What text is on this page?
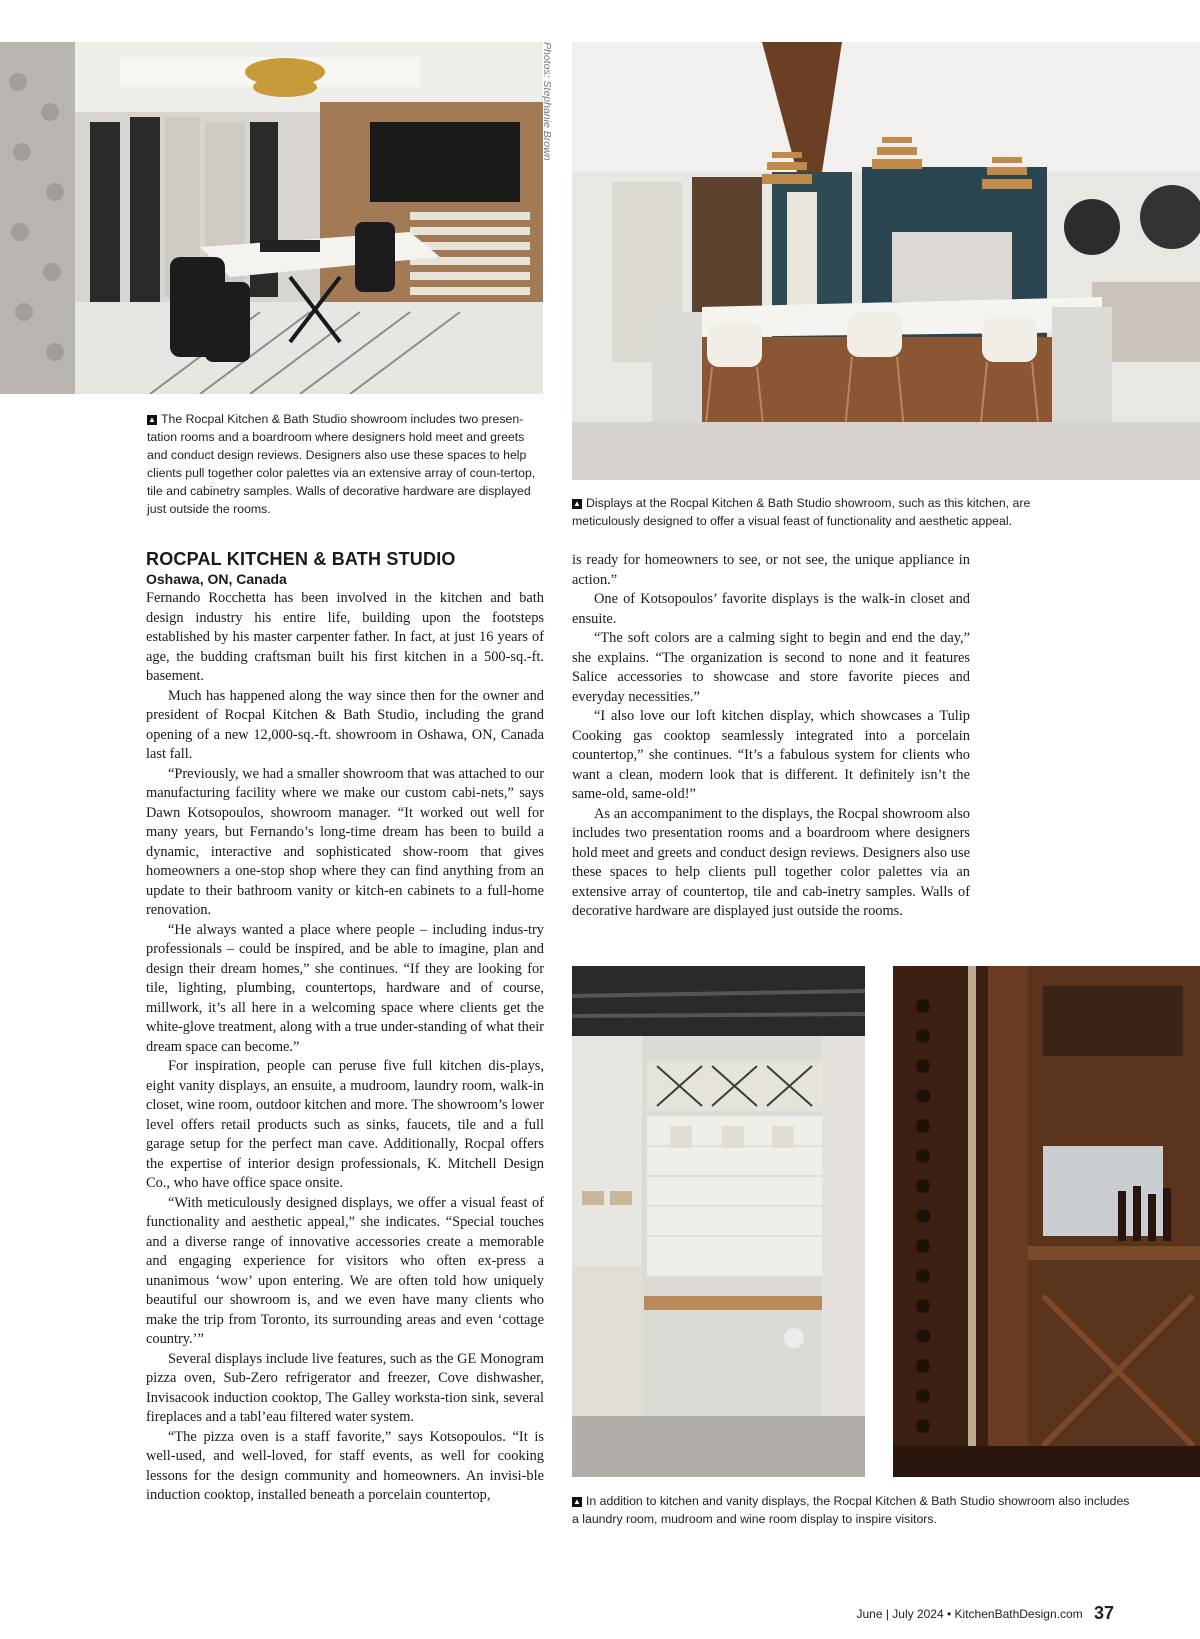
Photos: Stephanie Brown
▲ The Rocpal Kitchen & Bath Studio showroom includes two presen-tation rooms and a boardroom where designers hold meet and greets and conduct design reviews. Designers also use these spaces to help clients pull together color palettes via an extensive array of coun-tertop, tile and cabinetry samples. Walls of decorative hardware are displayed just outside the rooms.	▲ Displays at the Rocpal Kitchen & Bath Studio showroom, such as this kitchen, are meticulously designed to offer a visual feast of functionality and aesthetic appeal.
ROCPAL KITCHEN & BATH STUDIO
Oshawa, ON, Canada

Fernando Rocchetta has been involved in the kitchen and bath design industry his entire life, building upon the footsteps established by his master carpenter father. In fact, at just 16 years of age, the budding craftsman built his first kitchen in a 500-sq.-ft. basement.

Much has happened along the way since then for the owner and president of Rocpal Kitchen & Bath Studio, including the grand opening of a new 12,000-sq.-ft. showroom in Oshawa, ON, Canada last fall.

“Previously, we had a smaller showroom that was attached to our manufacturing facility where we make our custom cabi-nets,” says Dawn Kotsopoulos, showroom manager. “It worked out well for many years, but Fernando’s long-time dream has been to build a dynamic, interactive and sophisticated show-room that gives homeowners a one-stop shop where they can find anything from an update to their bathroom vanity or kitch-en cabinets to a full-home renovation.

“He always wanted a place where people – including indus-try professionals – could be inspired, and be able to imagine, plan and design their dream homes,” she continues. “If they are looking for tile, lighting, plumbing, countertops, hardware and of course, millwork, it’s all here in a welcoming space where clients get the white-glove treatment, along with a true under-standing of what their dream space can become.”

For inspiration, people can peruse five full kitchen dis-plays, eight vanity displays, an ensuite, a mudroom, laundry room, walk-in closet, wine room, outdoor kitchen and more. The showroom’s lower level offers retail products such as sinks, faucets, tile and a full garage setup for the perfect man cave. Additionally, Rocpal offers the expertise of interior design professionals, K. Mitchell Design Co., who have office space onsite.

“With meticulously designed displays, we offer a visual feast of functionality and aesthetic appeal,” she indicates. “Special touches and a diverse range of innovative accessories create a memorable and engaging experience for visitors who often ex-press a unanimous ‘wow’ upon entering. We are often told how uniquely beautiful our showroom is, and we even have many clients who make the trip from Toronto, its surrounding areas and even ‘cottage country.’”

Several displays include live features, such as the GE Monogram pizza oven, Sub-Zero refrigerator and freezer, Cove dishwasher, Invisacook induction cooktop, The Galley worksta-tion sink, several fireplaces and a tabl’eau filtered water system.

“The pizza oven is a staff favorite,” says Kotsopoulos. “It is well-used, and well-loved, for staff events, as well for cooking lessons for the design community and homeowners. An invisi-ble induction cooktop, installed beneath a porcelain countertop,

is ready for homeowners to see, or not see, the unique appliance in action.”

One of Kotsopoulos’ favorite displays is the walk-in closet and ensuite.

“The soft colors are a calming sight to begin and end the day,” she explains. “The organization is second to none and it features Salice accessories to showcase and store favorite pieces and everyday necessities.”

“I also love our loft kitchen display, which showcases a Tulip Cooking gas cooktop seamlessly integrated into a porcelain countertop,” she continues. “It’s a fabulous system for clients who want a clean, modern look that is different. It definitely isn’t the same-old, same-old!”

As an accompaniment to the displays, the Rocpal showroom also includes two presentation rooms and a boardroom where designers hold meet and greets and conduct design reviews. Designers also use these spaces to help clients pull together color palettes via an extensive array of countertop, tile and cab-inetry samples. Walls of decorative hardware are displayed just outside the rooms.

▲ In addition to kitchen and vanity displays, the Rocpal Kitchen & Bath Studio showroom also includes a laundry room, mudroom and wine room display to inspire visitors.
June | July 2024 • KitchenBathDesign.com 37
